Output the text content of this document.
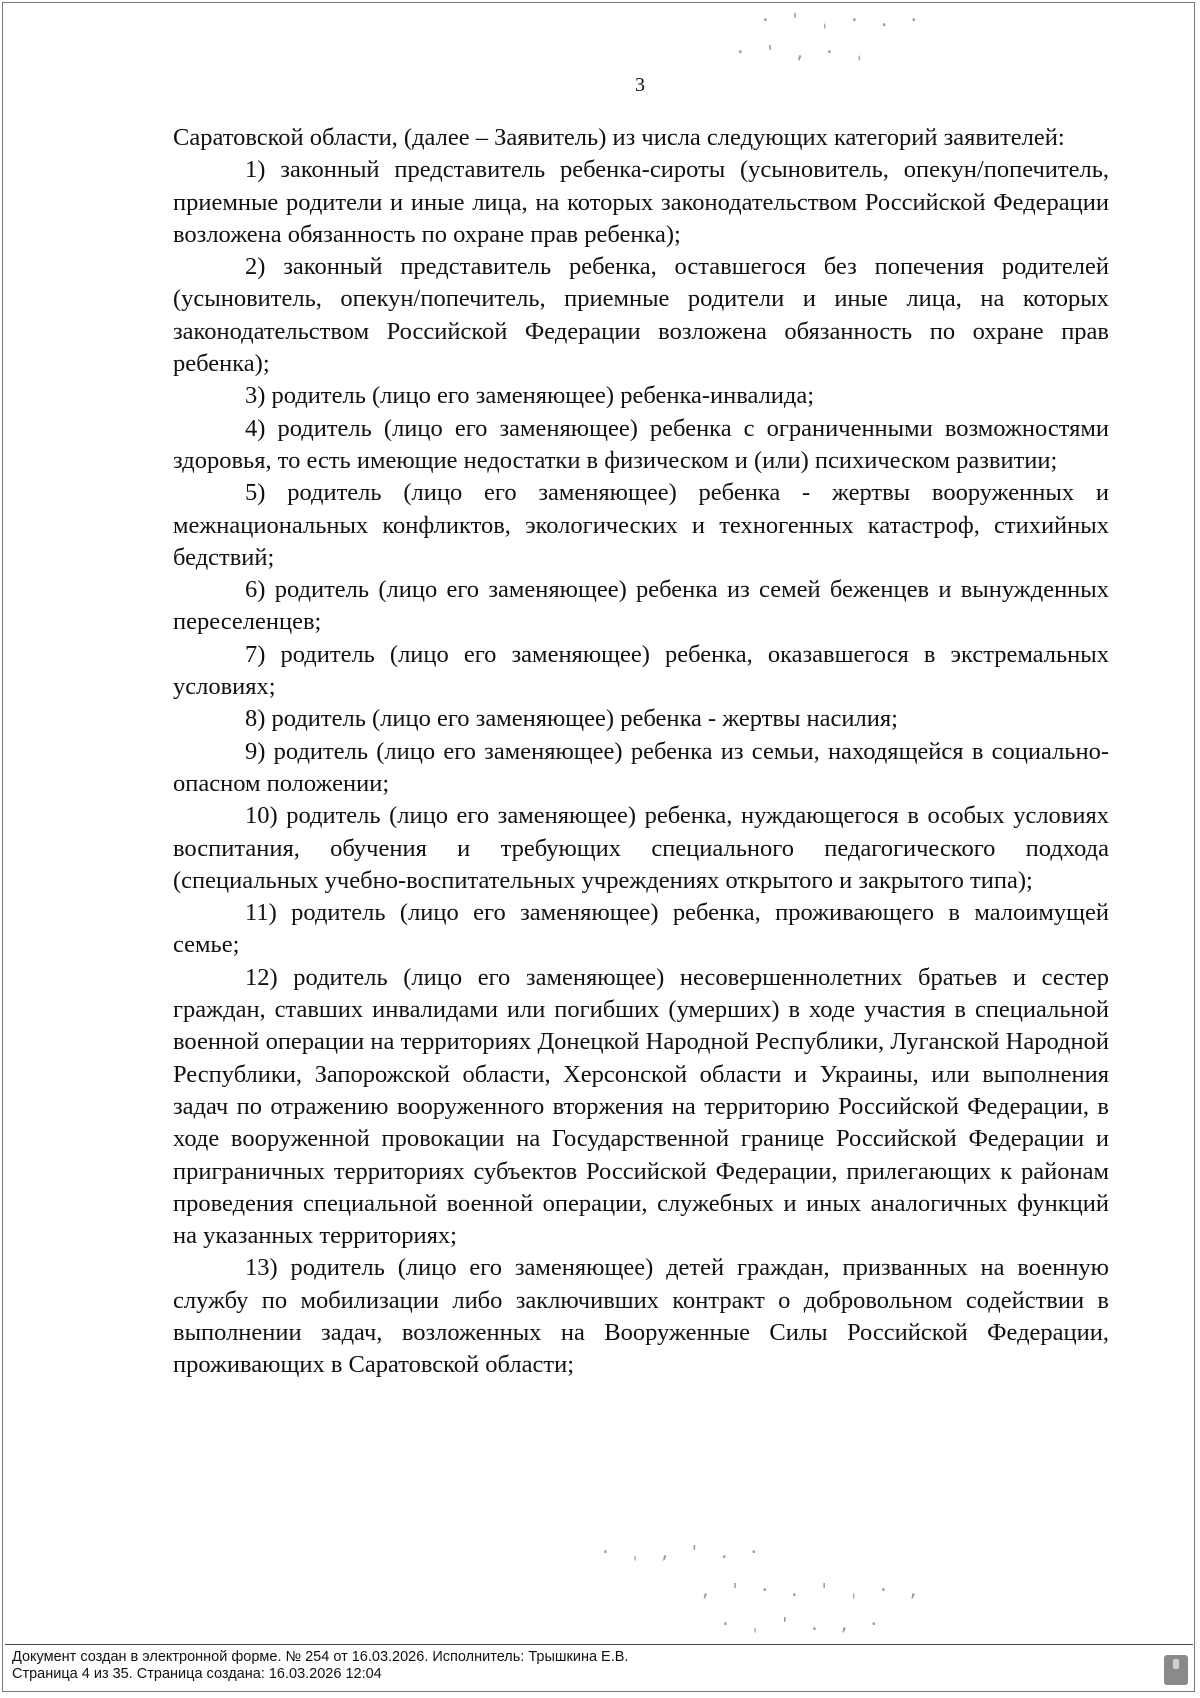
· ' ˌ · . ·
· ' , · ˌ
· ˌ , ' . ·
, ' · . ' ˌ · ,
· ˌ ' . , ·
3

Саратовской области, (далее – Заявитель) из числа следующих категорий заявителей:

1) законный представитель ребенка-сироты (усыновитель, опекун/попечитель, приемные родители и иные лица, на которых законодательством Российской Федерации возложена обязанность по охране прав ребенка);

2) законный представитель ребенка, оставшегося без попечения родителей (усыновитель, опекун/попечитель, приемные родители и иные лица, на которых законодательством Российской Федерации возложена обязанность по охране прав ребенка);

3) родитель (лицо его заменяющее) ребенка-инвалида;

4) родитель (лицо его заменяющее) ребенка с ограниченными возможностями здоровья, то есть имеющие недостатки в физическом и (или) психическом развитии;

5) родитель (лицо его заменяющее) ребенка - жертвы вооруженных и межнациональных конфликтов, экологических и техногенных катастроф, стихийных бедствий;

6) родитель (лицо его заменяющее) ребенка из семей беженцев и вынужденных переселенцев;

7) родитель (лицо его заменяющее) ребенка, оказавшегося в экстремальных условиях;

8) родитель (лицо его заменяющее) ребенка - жертвы насилия;

9) родитель (лицо его заменяющее) ребенка из семьи, находящейся в социально-опасном положении;

10) родитель (лицо его заменяющее) ребенка, нуждающегося в особых условиях воспитания, обучения и требующих специального педагогического подхода (специальных учебно-воспитательных учреждениях открытого и закрытого типа);

11) родитель (лицо его заменяющее) ребенка, проживающего в малоимущей семье;

12) родитель (лицо его заменяющее) несовершеннолетних братьев и сестер граждан, ставших инвалидами или погибших (умерших) в ходе участия в специальной военной операции на территориях Донецкой Народной Республики, Луганской Народной Республики, Запорожской области, Херсонской области и Украины, или выполнения задач по отражению вооруженного вторжения на территорию Российской Федерации, в ходе вооруженной провокации на Государственной границе Российской Федерации и приграничных территориях субъектов Российской Федерации, прилегающих к районам проведения специальной военной операции, служебных и иных аналогичных функций на указанных территориях;

13) родитель (лицо его заменяющее) детей граждан, призванных на военную службу по мобилизации либо заключивших контракт о добровольном содействии в выполнении задач, возложенных на Вооруженные Силы Российской Федерации, проживающих в Саратовской области;

Документ создан в электронной форме. № 254 от 16.03.2026. Исполнитель: Трышкина Е.В.
Страница 4 из 35. Страница создана: 16.03.2026 12:04
